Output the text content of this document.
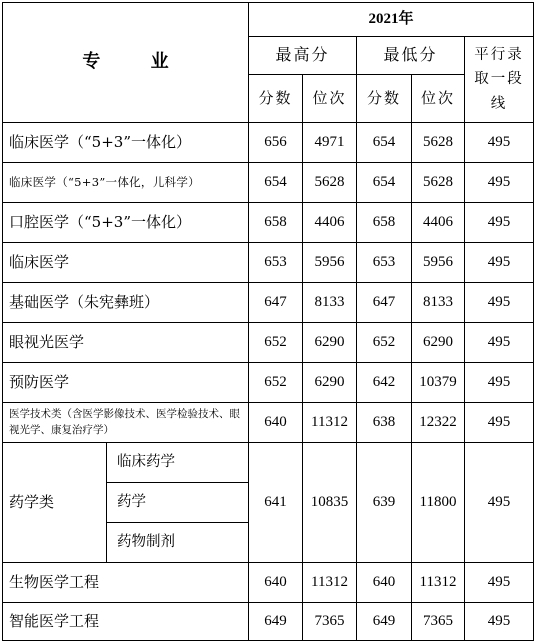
专 业		2021年				
		最高分		最低分		平行录取一段线

		分数	位次	分数	位次	
临床医学（“5+3”一体化）		656	4971	654	5628	495
临床医学（“5+3”一体化，儿科学）		654	5628	654	5628	495
口腔医学（“5+3”一体化）		658	4406	658	4406	495
临床医学		653	5956	653	5956	495
基础医学（朱宪彝班）		647	8133	647	8133	495
眼视光医学		652	6290	652	6290	495
预防医学		652	6290	642	10379	495
医学技术类（含医学影像技术、医学检验技术、眼视光学、康复治疗学）		640	11312	638	12322	495
药学类	临床药学	641	10835	639	11800	495
	药学					
	药物制剂					
生物医学工程		640	11312	640	11312	495
智能医学工程		649	7365	649	7365	495
